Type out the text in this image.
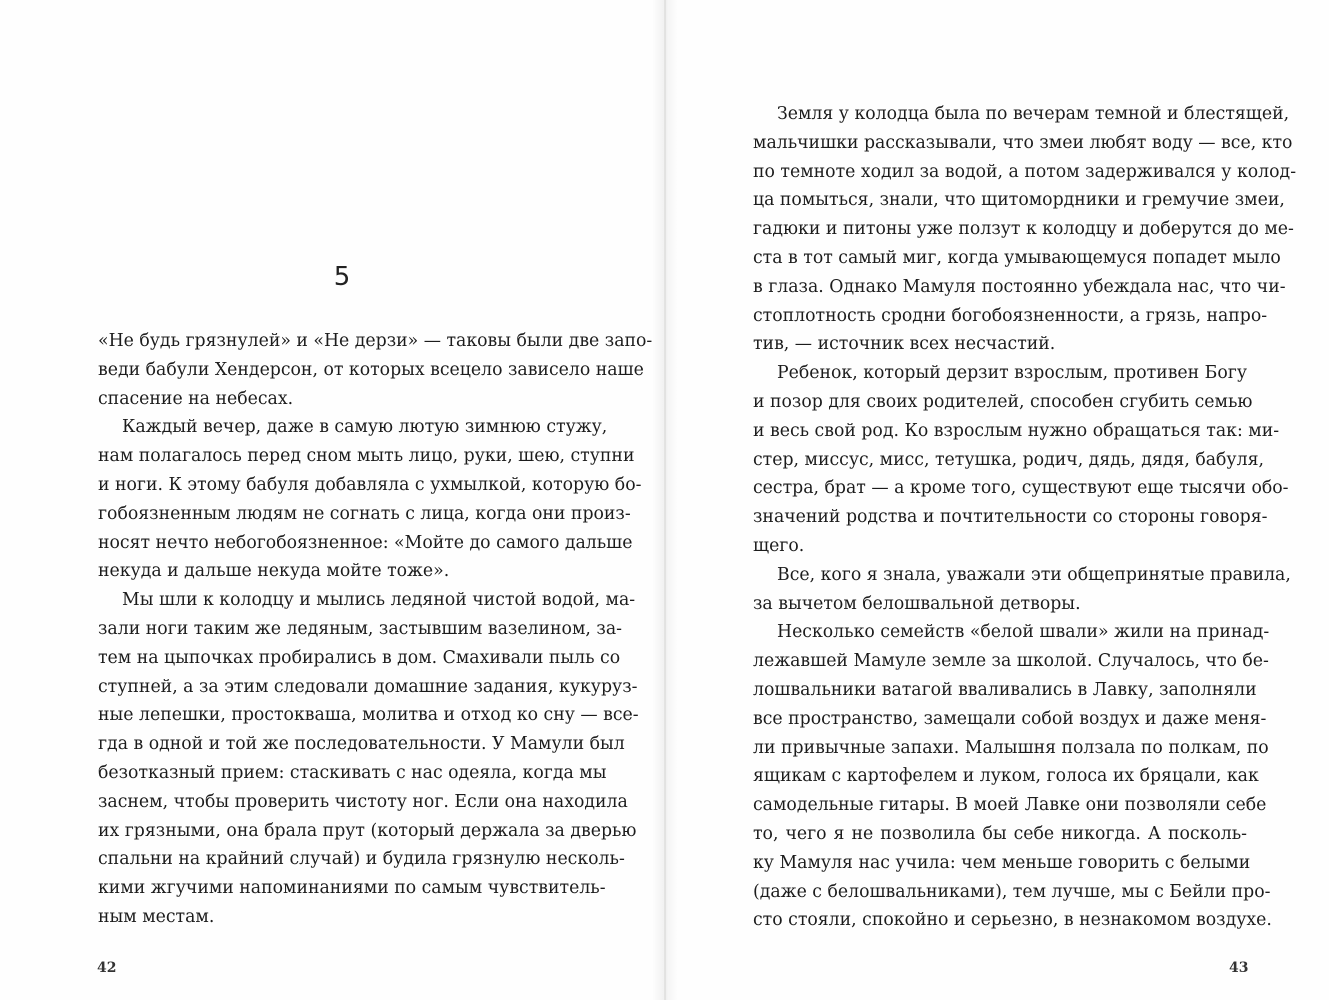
5
«Не будь грязнулей» и «Не дерзи» — таковы были две запо-
веди бабули Хендерсон, от которых всецело зависело наше
спасение на небесах.
Каждый вечер, даже в самую лютую зимнюю стужу,
нам полагалось перед сном мыть лицо, руки, шею, ступни
и ноги. К этому бабуля добавляла с ухмылкой, которую бо-
гобоязненным людям не согнать с лица, когда они произ-
носят нечто небогобоязненное: «Мойте до самого дальше
некуда и дальше некуда мойте тоже».
Мы шли к колодцу и мылись ледяной чистой водой, ма-
зали ноги таким же ледяным, застывшим вазелином, за-
тем на цыпочках пробирались в дом. Смахивали пыль со
ступней, а за этим следовали домашние задания, кукуруз-
ные лепешки, простокваша, молитва и отход ко сну — все-
гда в одной и той же последовательности. У Мамули был
безотказный прием: стаскивать с нас одеяла, когда мы
заснем, чтобы проверить чистоту ног. Если она находила
их грязными, она брала прут (который держала за дверью
спальни на крайний случай) и будила грязнулю несколь-
кими жгучими напоминаниями по самым чувствитель-
ным местам.
Земля у колодца была по вечерам темной и блестящей,
мальчишки рассказывали, что змеи любят воду — все, кто
по темноте ходил за водой, а потом задерживался у колод-
ца помыться, знали, что щитомордники и гремучие змеи,
гадюки и питоны уже ползут к колодцу и доберутся до ме-
ста в тот самый миг, когда умывающемуся попадет мыло
в глаза. Однако Мамуля постоянно убеждала нас, что чи-
стоплотность сродни богобоязненности, а грязь, напро-
тив, — источник всех несчастий.
Ребенок, который дерзит взрослым, противен Богу
и позор для своих родителей, способен сгубить семью
и весь свой род. Ко взрослым нужно обращаться так: ми-
стер, миссус, мисс, тетушка, родич, дядь, дядя, бабуля,
сестра, брат — а кроме того, существуют еще тысячи обо-
значений родства и почтительности со стороны говоря-
щего.
Все, кого я знала, уважали эти общепринятые правила,
за вычетом белошвальной детворы.
Несколько семейств «белой швали» жили на принад-
лежавшей Мамуле земле за школой. Случалось, что бе-
лошвальники ватагой вваливались в Лавку, заполняли
все пространство, замещали собой воздух и даже меня-
ли привычные запахи. Малышня ползала по полкам, по
ящикам с картофелем и луком, голоса их бряцали, как
самодельные гитары. В моей Лавке они позволяли себе
то, чего я не позволила бы себе никогда. А посколь-
ку Мамуля нас учила: чем меньше говорить с белыми
(даже с белошвальниками), тем лучше, мы с Бейли про-
сто стояли, спокойно и серьезно, в незнакомом воздухе.
42	43
